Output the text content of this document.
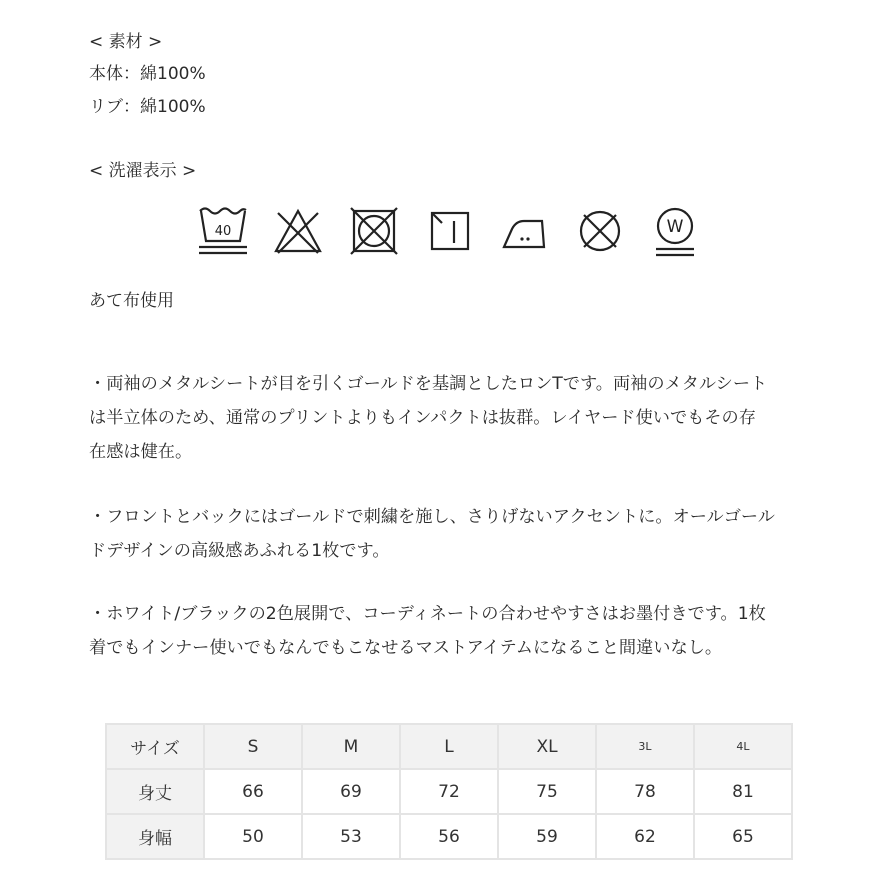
< 素材 >
本体：綿100%
リブ：綿100%
< 洗濯表示 >
40	W
あて布使用
・両袖のメタルシートが目を引くゴールドを基調としたロンTです。両袖のメタルシート
は半立体のため、通常のプリントよりもインパクトは抜群。レイヤード使いでもその存
在感は健在。
・フロントとバックにはゴールドで刺繍を施し、さりげないアクセントに。オールゴール
ドデザインの高級感あふれる1枚です。
・ホワイト/ブラックの2色展開で、コーディネートの合わせやすさはお墨付きです。1枚
着でもインナー使いでもなんでもこなせるマストアイテムになること間違いなし。
サイズ	S	M	L	XL	3L	4L
身丈	66	69	72	75	78	81
身幅	50	53	56	59	62	65
